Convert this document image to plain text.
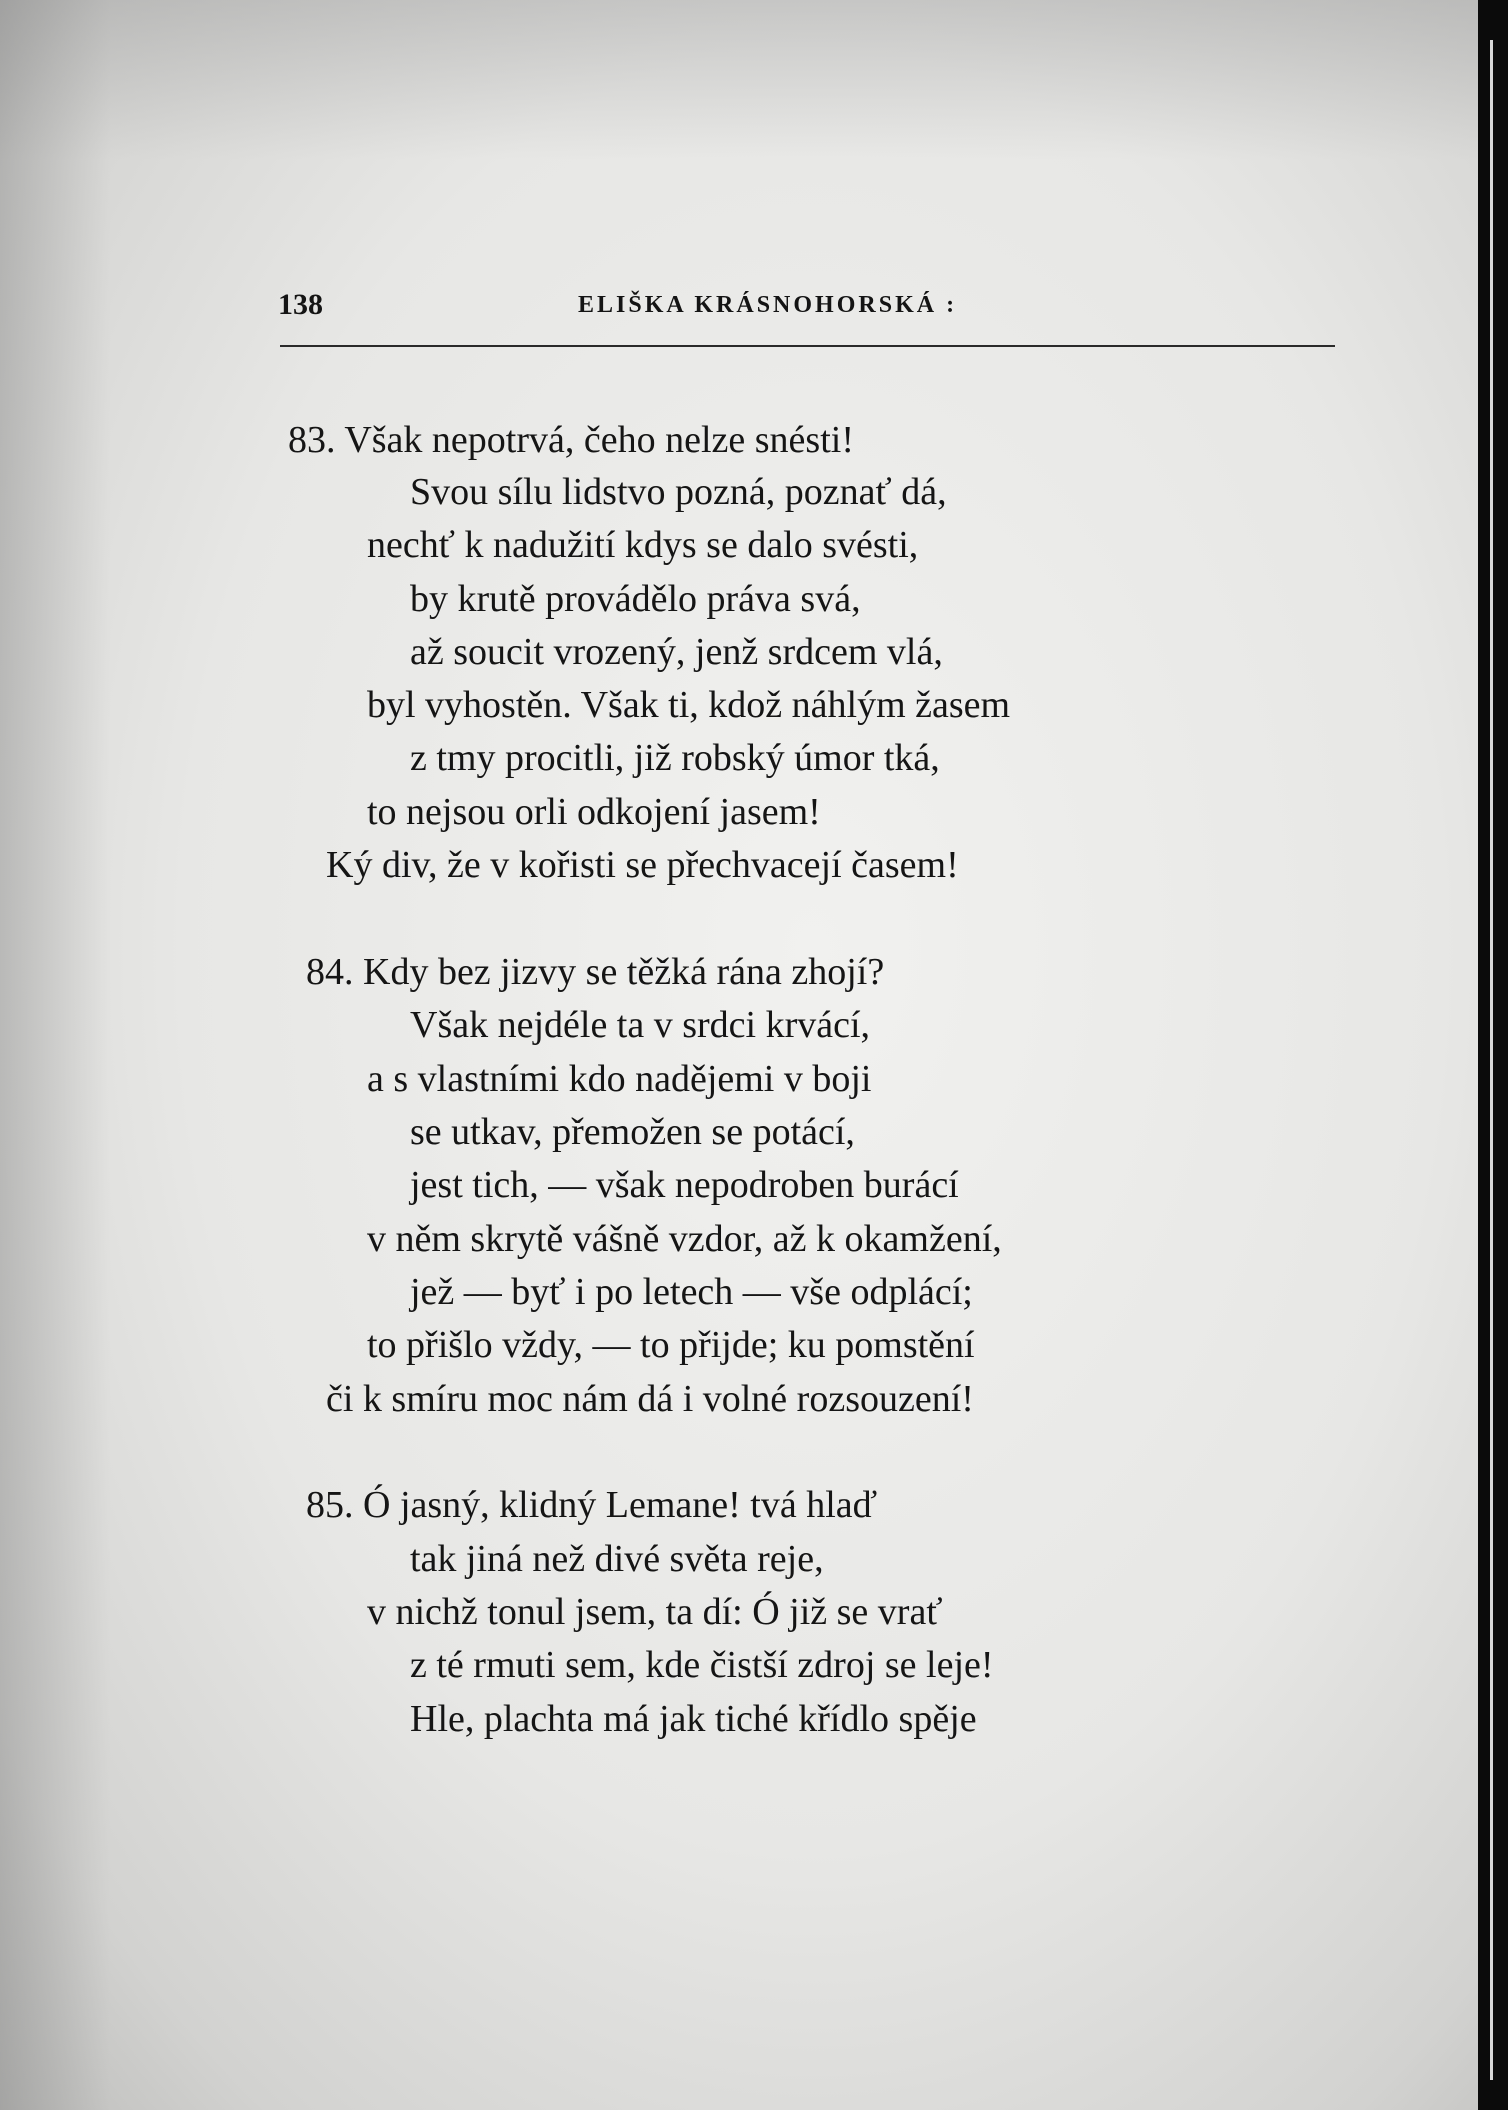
138	ELIŠKA KRÁSNOHORSKÁ :
83. Však nepotrvá, čeho nelze snésti!
Svou sílu lidstvo pozná, poznať dá,
nechť k nadužití kdys se dalo svésti,
by krutě provádělo práva svá,
až soucit vrozený, jenž srdcem vlá,
byl vyhostěn. Však ti, kdož náhlým žasem
z tmy procitli, již robský úmor tká,
to nejsou orli odkojení jasem!
Ký div, že v kořisti se přechvacejí časem!
84. Kdy bez jizvy se těžká rána zhojí?
Však nejdéle ta v srdci krvácí,
a s vlastními kdo nadějemi v boji
se utkav, přemožen se potácí,
jest tich, — však nepodroben burácí
v něm skrytě vášně vzdor, až k okamžení,
jež — byť i po letech — vše odplácí;
to přišlo vždy, — to přijde; ku pomstění
či k smíru moc nám dá i volné rozsouzení!
85. Ó jasný, klidný Lemane! tvá hlaď
tak jiná než divé světa reje,
v nichž tonul jsem, ta dí: Ó již se vrať
z té rmuti sem, kde čistší zdroj se leje!
Hle, plachta má jak tiché křídlo spěje
